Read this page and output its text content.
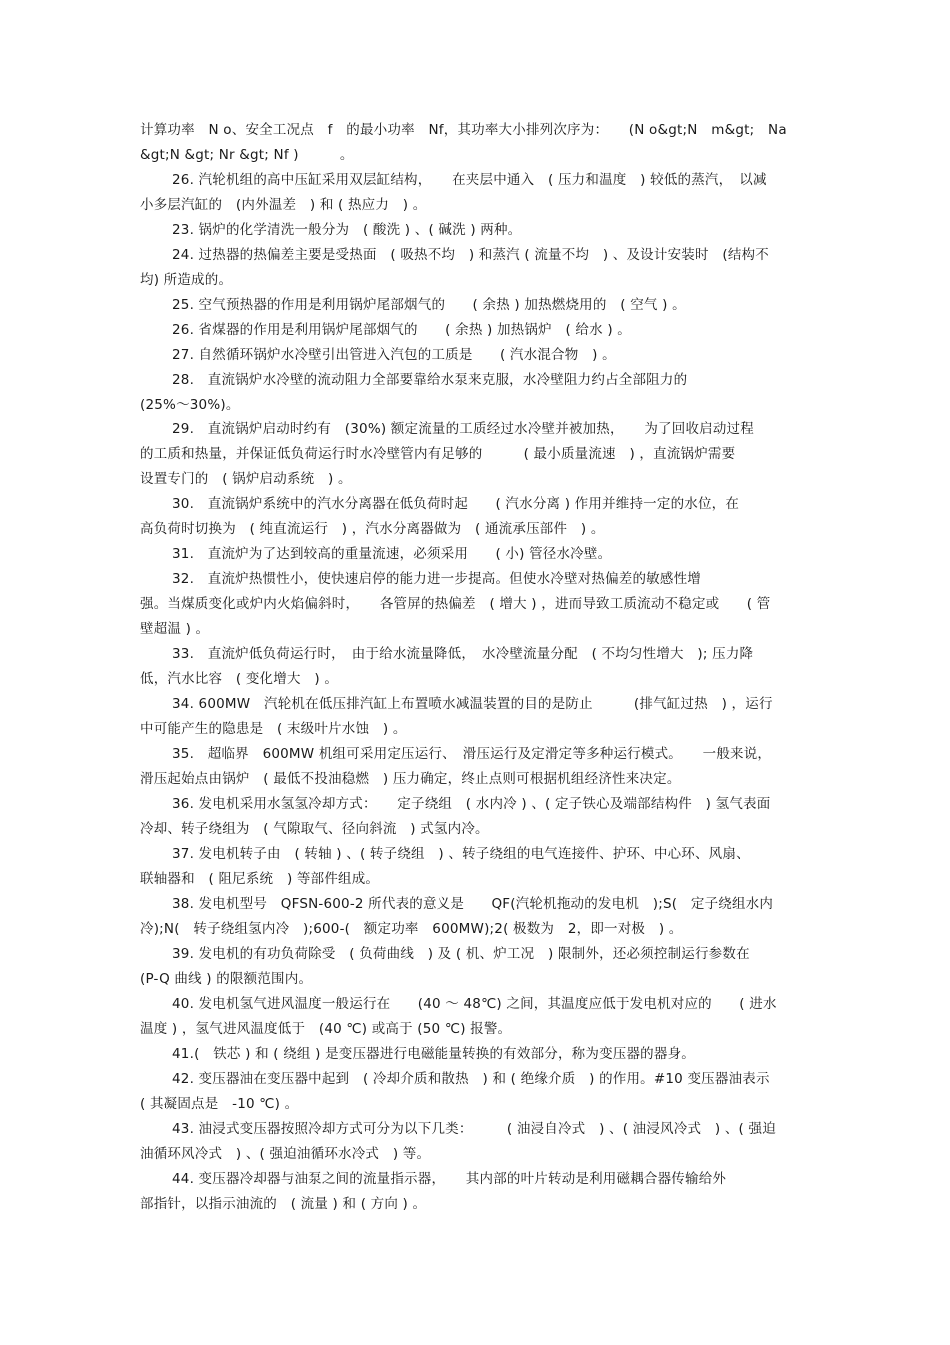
计算功率　N o、安全工况点　f　的最小功率　Nf，其功率大小排列次序为：　　(N o&gt;N　m&gt;　Na
&gt;N &gt; Nr &gt; Nf )　　　。
26. 汽轮机组的高中压缸采用双层缸结构，　　在夹层中通入　( 压力和温度　) 较低的蒸汽，　以减
小多层汽缸的　(内外温差　) 和 ( 热应力　) 。
23. 锅炉的化学清洗一般分为　( 酸洗 ) 、( 碱洗 ) 两种。
24. 过热器的热偏差主要是受热面　( 吸热不均　) 和蒸汽 ( 流量不均　) 、及设计安装时　(结构不
均) 所造成的。
25. 空气预热器的作用是利用锅炉尾部烟气的　　( 余热 ) 加热燃烧用的　( 空气 ) 。
26. 省煤器的作用是利用锅炉尾部烟气的　　( 余热 ) 加热锅炉　( 给水 ) 。
27. 自然循环锅炉水冷壁引出管进入汽包的工质是　　( 汽水混合物　) 。
28.　直流锅炉水冷壁的流动阻力全部要靠给水泵来克服，水冷壁阻力约占全部阻力的
(25%～30%)。
29.　直流锅炉启动时约有　(30%) 额定流量的工质经过水冷壁并被加热，　　为了回收启动过程
的工质和热量，并保证低负荷运行时水冷壁管内有足够的　　　( 最小质量流速　) ，直流锅炉需要
设置专门的　( 锅炉启动系统　) 。
30.　直流锅炉系统中的汽水分离器在低负荷时起　　( 汽水分离 ) 作用并维持一定的水位，在
高负荷时切换为　( 纯直流运行　) ，汽水分离器做为　( 通流承压部件　) 。
31.　直流炉为了达到较高的重量流速，必须采用　　( 小) 管径水冷壁。
32.　直流炉热惯性小，使快速启停的能力进一步提高。但使水冷壁对热偏差的敏感性增
强。当煤质变化或炉内火焰偏斜时，　　各管屏的热偏差　( 增大 ) ，进而导致工质流动不稳定或　　( 管
壁超温 ) 。
33.　直流炉低负荷运行时，　由于给水流量降低，　水冷壁流量分配　( 不均匀性增大　); 压力降
低，汽水比容　( 变化增大　) 。
34. 600MW　汽轮机在低压排汽缸上布置喷水减温装置的目的是防止　　　(排气缸过热　) ，运行
中可能产生的隐患是　( 末级叶片水蚀　) 。
35.　超临界　600MW 机组可采用定压运行、　滑压运行及定滑定等多种运行模式。　　一般来说，
滑压起始点由锅炉　( 最低不投油稳燃　) 压力确定，终止点则可根据机组经济性来决定。
36. 发电机采用水氢氢冷却方式：　　定子绕组　( 水内冷 ) 、( 定子铁心及端部结构件　) 氢气表面
冷却、转子绕组为　( 气隙取气、径向斜流　) 式氢内冷。
37. 发电机转子由　( 转轴 ) 、( 转子绕组　) 、转子绕组的电气连接件、护环、中心环、风扇、
联轴器和　( 阻尼系统　) 等部件组成。
38. 发电机型号　QFSN-600-2 所代表的意义是　　QF(汽轮机拖动的发电机　);S(　定子绕组水内
冷);N(　转子绕组氢内冷　);600-(　额定功率　600MW);2( 极数为　2，即一对极　) 。
39. 发电机的有功负荷除受　( 负荷曲线　) 及 ( 机、炉工况　) 限制外，还必须控制运行参数在
(P-Q 曲线 ) 的限额范围内。
40. 发电机氢气进风温度一般运行在　　(40 ～ 48℃) 之间，其温度应低于发电机对应的　　( 进水
温度 ) ，氢气进风温度低于　(40 ℃) 或高于 (50 ℃) 报警。
41.(　铁芯 ) 和 ( 绕组 ) 是变压器进行电磁能量转换的有效部分，称为变压器的器身。
42. 变压器油在变压器中起到　( 冷却介质和散热　) 和 ( 绝缘介质　) 的作用。#10 变压器油表示
( 其凝固点是　-10 ℃) 。
43. 油浸式变压器按照冷却方式可分为以下几类：　　　( 油浸自冷式　) 、( 油浸风冷式　) 、( 强迫
油循环风冷式　) 、( 强迫油循环水冷式　) 等。
44. 变压器冷却器与油泵之间的流量指示器，　　其内部的叶片转动是利用磁耦合器传输给外
部指针，以指示油流的　( 流量 ) 和 ( 方向 ) 。
